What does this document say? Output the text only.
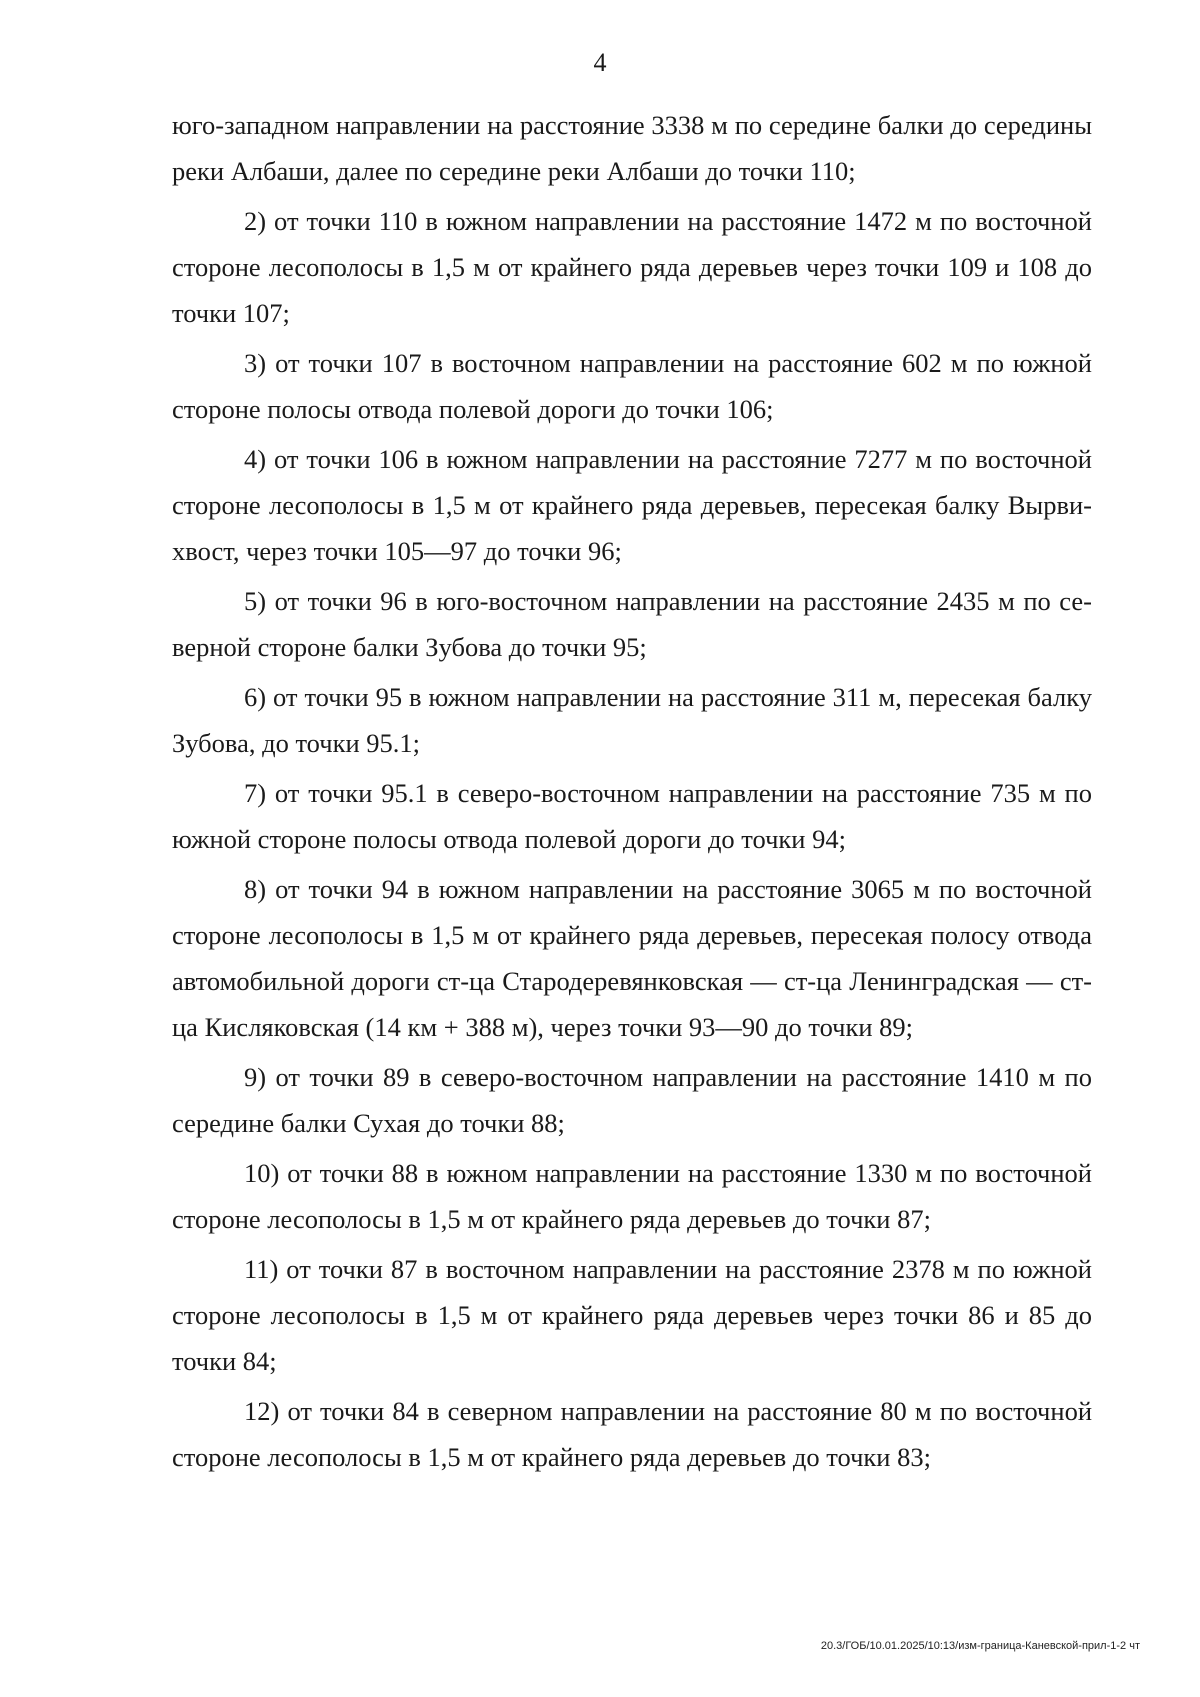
4

юго-западном направлении на расстояние 3338 м по середине балки до середины реки Албаши, далее по середине реки Албаши до точки 110;

2) от точки 110 в южном направлении на расстояние 1472 м по восточной стороне лесополосы в 1,5 м от крайнего ряда деревьев через точки 109 и 108 до точки 107;

3) от точки 107 в восточном направлении на расстояние 602 м по южной стороне полосы отвода полевой дороги до точки 106;

4) от точки 106 в южном направлении на расстояние 7277 м по восточной стороне лесополосы в 1,5 м от крайнего ряда деревьев, пересекая балку Вырвихвост, через точки 105—97 до точки 96;

5) от точки 96 в юго-восточном направлении на расстояние 2435 м по северной стороне балки Зубова до точки 95;

6) от точки 95 в южном направлении на расстояние 311 м, пересекая балку Зубова, до точки 95.1;

7) от точки 95.1 в северо-восточном направлении на расстояние 735 м по южной стороне полосы отвода полевой дороги до точки 94;

8) от точки 94 в южном направлении на расстояние 3065 м по восточной стороне лесополосы в 1,5 м от крайнего ряда деревьев, пересекая полосу отвода автомобильной дороги ст-ца Стародеревянковская — ст-ца Ленинградская — ст-ца Кисляковская (14 км + 388 м), через точки 93—90 до точки 89;

9) от точки 89 в северо-восточном направлении на расстояние 1410 м по середине балки Сухая до точки 88;

10) от точки 88 в южном направлении на расстояние 1330 м по восточной стороне лесополосы в 1,5 м от крайнего ряда деревьев до точки 87;

11) от точки 87 в восточном направлении на расстояние 2378 м по южной стороне лесополосы в 1,5 м от крайнего ряда деревьев через точки 86 и 85 до точки 84;

12) от точки 84 в северном направлении на расстояние 80 м по восточной стороне лесополосы в 1,5 м от крайнего ряда деревьев до точки 83;

20.3/ГОБ/10.01.2025/10:13/изм-граница-Каневской-прил-1-2 чт
